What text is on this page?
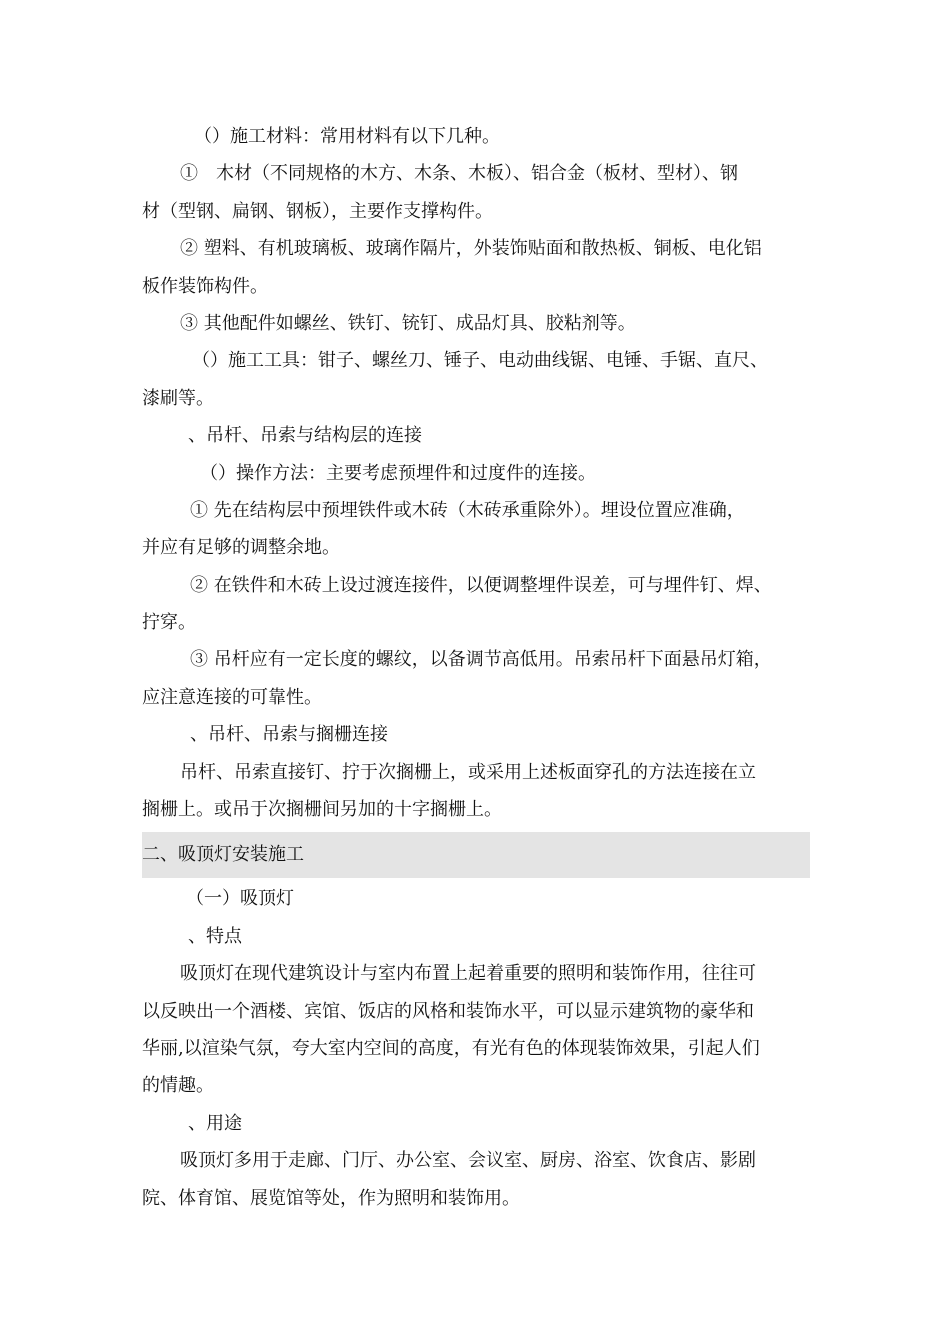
（）施工材料：常用材料有以下几种。
①　木材（不同规格的木方、木条、木板）、铝合金（板材、型材）、钢
材（型钢、扁钢、钢板），主要作支撑构件。
② 塑料、有机玻璃板、玻璃作隔片，外装饰贴面和散热板、铜板、电化铝
板作装饰构件。
③ 其他配件如螺丝、铁钉、铳钉、成品灯具、胶粘剂等。
（）施工工具：钳子、螺丝刀、锤子、电动曲线锯、电锤、手锯、直尺、
漆刷等。
、吊杆、吊索与结构层的连接
（）操作方法：主要考虑预埋件和过度件的连接。
① 先在结构层中预埋铁件或木砖（木砖承重除外）。埋设位置应准确，
并应有足够的调整余地。
② 在铁件和木砖上设过渡连接件，以便调整埋件误差，可与埋件钉、焊、
拧穿。
③ 吊杆应有一定长度的螺纹，以备调节高低用。吊索吊杆下面悬吊灯箱，
应注意连接的可靠性。
、吊杆、吊索与搁栅连接
吊杆、吊索直接钉、拧于次搁栅上，或采用上述板面穿孔的方法连接在立
搁栅上。或吊于次搁栅间另加的十字搁栅上。
二、吸顶灯安装施工
（一）吸顶灯
、特点
吸顶灯在现代建筑设计与室内布置上起着重要的照明和装饰作用，往往可
以反映出一个酒楼、宾馆、饭店的风格和装饰水平，可以显示建筑物的豪华和
华丽,以渲染气氛，夸大室内空间的高度，有光有色的体现装饰效果，引起人们
的情趣。
、用途
吸顶灯多用于走廊、门厅、办公室、会议室、厨房、浴室、饮食店、影剧
院、体育馆、展览馆等处，作为照明和装饰用。
